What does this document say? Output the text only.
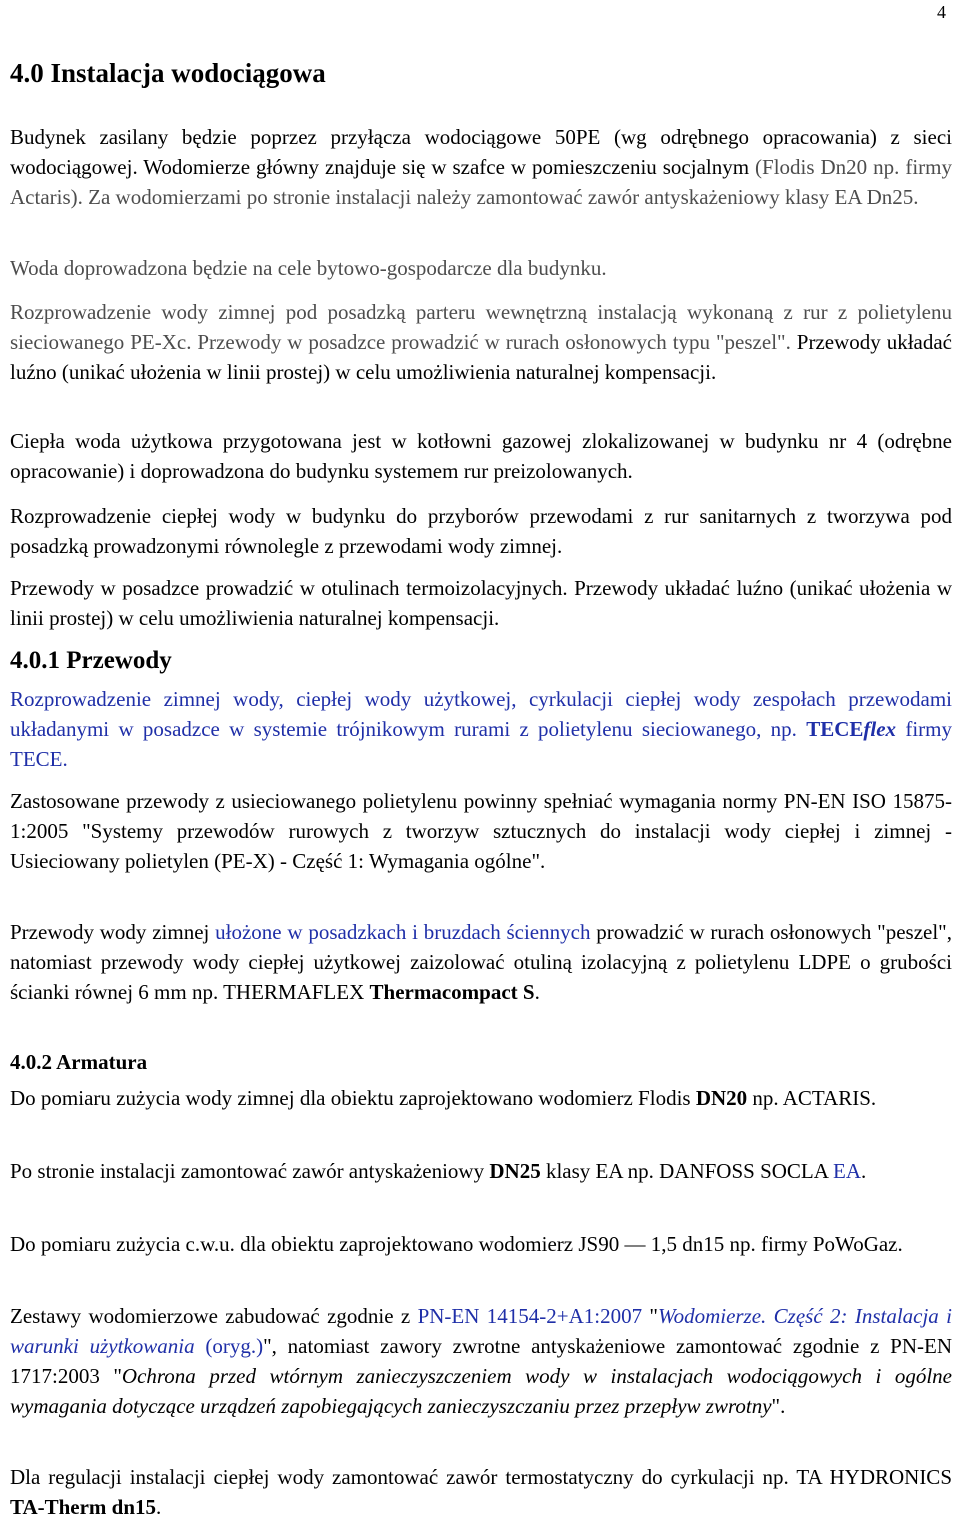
4
4.0 Instalacja wodociągowa

Budynek zasilany będzie poprzez przyłącza wodociągowe 50PE (wg odrębnego opracowania) z sieci wodociągowej. Wodomierze główny znajduje się w szafce w pomieszczeniu socjalnym (Flodis Dn20 np. firmy Actaris). Za wodomierzami po stronie instalacji należy zamontować zawór antyskażeniowy klasy EA Dn25.

Woda doprowadzona będzie na cele bytowo-gospodarcze dla budynku.

Rozprowadzenie wody zimnej pod posadzką parteru wewnętrzną instalacją wykonaną z rur z polietylenu sieciowanego PE-Xc. Przewody w posadzce prowadzić w rurach osłonowych typu "peszel". Przewody układać luźno (unikać ułożenia w linii prostej) w celu umożliwienia naturalnej kompensacji.

Ciepła woda użytkowa przygotowana jest w kotłowni gazowej zlokalizowanej w budynku nr 4 (odrębne opracowanie) i doprowadzona do budynku systemem rur preizolowanych.

Rozprowadzenie ciepłej wody w budynku do przyborów przewodami z rur sanitarnych z tworzywa pod posadzką prowadzonymi równolegle z przewodami wody zimnej.

Przewody w posadzce prowadzić w otulinach termoizolacyjnych. Przewody układać luźno (unikać ułożenia w linii prostej) w celu umożliwienia naturalnej kompensacji.

4.0.1 Przewody

Rozprowadzenie zimnej wody, ciepłej wody użytkowej, cyrkulacji ciepłej wody zespołach przewodami układanymi w posadzce w systemie trójnikowym rurami z polietylenu sieciowanego, np. TECEflex firmy TECE.

Zastosowane przewody z usieciowanego polietylenu powinny spełniać wymagania normy PN-EN ISO 15875-1:2005 "Systemy przewodów rurowych z tworzyw sztucznych do instalacji wody ciepłej i zimnej - Usieciowany polietylen (PE-X) - Część 1: Wymagania ogólne".

Przewody wody zimnej ułożone w posadzkach i bruzdach ściennych prowadzić w rurach osłonowych "peszel", natomiast przewody wody ciepłej użytkowej zaizolować otuliną izolacyjną z polietylenu LDPE o grubości ścianki równej 6 mm np. THERMAFLEX Thermacompact S.

4.0.2 Armatura

Do pomiaru zużycia wody zimnej dla obiektu zaprojektowano wodomierz Flodis DN20 np. ACTARIS.

Po stronie instalacji zamontować zawór antyskażeniowy DN25 klasy EA np. DANFOSS SOCLA EA.

Do pomiaru zużycia c.w.u. dla obiektu zaprojektowano wodomierz JS90 — 1,5 dn15 np. firmy PoWoGaz.

Zestawy wodomierzowe zabudować zgodnie z PN-EN 14154-2+A1:2007 "Wodomierze. Część 2: Instalacja i warunki użytkowania (oryg.)", natomiast zawory zwrotne antyskażeniowe zamontować zgodnie z PN-EN 1717:2003 "Ochrona przed wtórnym zanieczyszczeniem wody w instalacjach wodociągowych i ogólne wymagania dotyczące urządzeń zapobiegających zanieczyszczaniu przez przepływ zwrotny".

Dla regulacji instalacji ciepłej wody zamontować zawór termostatyczny do cyrkulacji np. TA HYDRONICS TA-Therm dn15.
